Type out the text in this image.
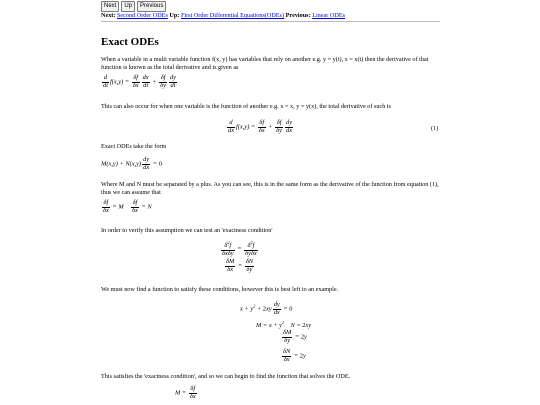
Next	Up	Previous
Next: Second Order ODEs Up: First Order Differential Equations(ODEs) Previous: Linear ODEs
Exact ODEs

When a variable in a multi variable function f(x, y) has variables that rely on another e.g. y = y(t), x = x(t) then the derivative of that function is known as the total derivative and is given as

$\frac{d}{dt} f(x,y) = \frac{\delta f}{\delta x} \frac{dx}{dt} + \frac{\delta f}{\delta y} \frac{dy}{dt}$

This can also occur for when one variable is the function of another e.g. x = x, y = y(x), the total derivative of such is

$\frac{d}{dx} f(x,y) = \frac{\delta f}{\delta x} + \frac{\delta f}{\delta y} \frac{dy}{dx}$	(1)

Exact ODEs take the form

$M(x,y) + N(x,y) \frac{dy}{dx} = 0$

Where M and N must be separated by a plus. As you can see, this is in the same form as the derivative of the function from equation (1), thus we can assume that

$\frac{\delta f}{\delta x} = M \frac{\delta f}{\delta x} = N$

In order to verify this assumption we can test an 'exactness condition'

$\frac{\delta^2f}{\text{δxδy}} = \frac{\delta^2f}{\text{δyδx}}$
$\frac{\delta M}{\delta x} = \frac{\delta N}{\delta y}$

We must now find a function to satisfy these conditions, however this is best left to an example.

$x + y^2 + 2xy \frac{dy}{dx} = 0$
$M = x + y^2$    N = 2xy
$\frac{\delta M}{\delta y} = 2y$
$\frac{\delta N}{\delta x} = 2y$

This satisfies the 'exactness condition', and so we can begin to find the function that solves the ODE.

$M = \frac{\delta f}{\delta x}$
